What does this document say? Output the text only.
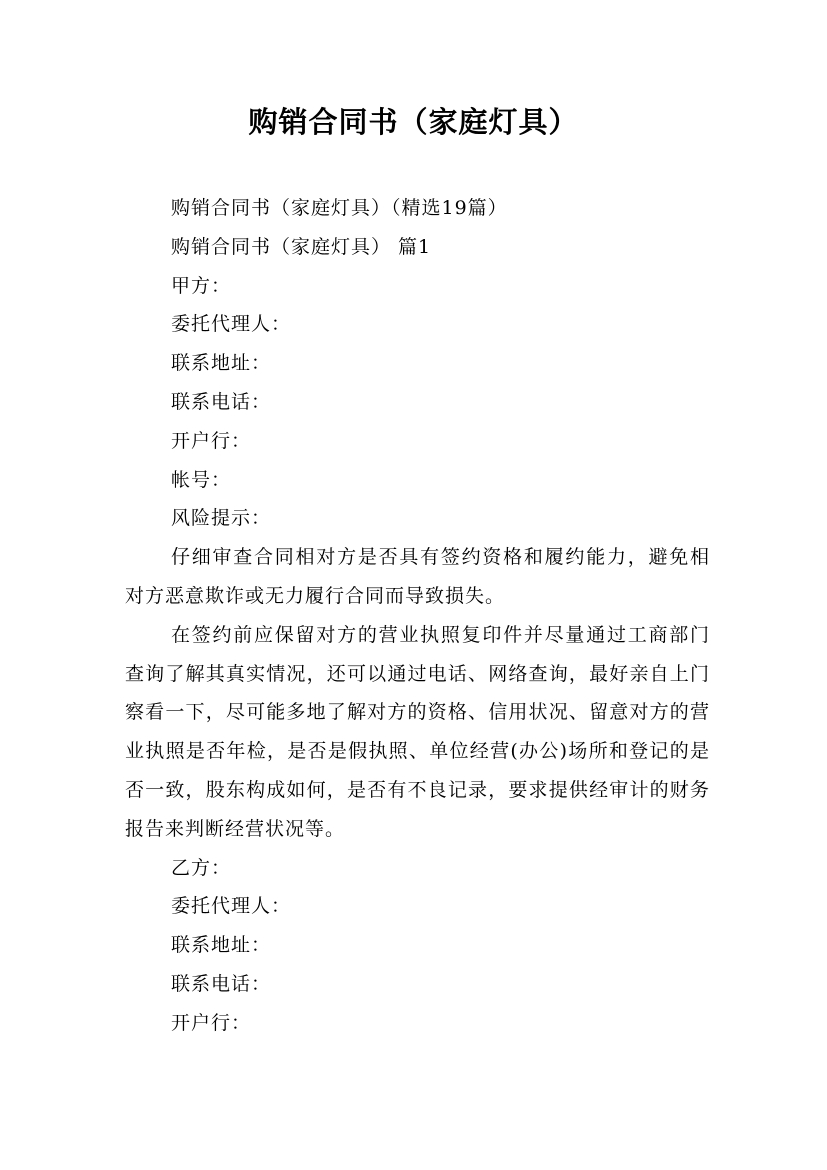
购销合同书（家庭灯具）

购销合同书（家庭灯具）（精选19篇）

购销合同书（家庭灯具） 篇1

甲方：

委托代理人：

联系地址：

联系电话：

开户行：

帐号：

风险提示：

仔细审查合同相对方是否具有签约资格和履约能力，避免相对方恶意欺诈或无力履行合同而导致损失。

在签约前应保留对方的营业执照复印件并尽量通过工商部门查询了解其真实情况，还可以通过电话、网络查询，最好亲自上门察看一下，尽可能多地了解对方的资格、信用状况、留意对方的营业执照是否年检，是否是假执照、单位经营(办公)场所和登记的是否一致，股东构成如何，是否有不良记录，要求提供经审计的财务报告来判断经营状况等。

乙方：

委托代理人：

联系地址：

联系电话：

开户行：
